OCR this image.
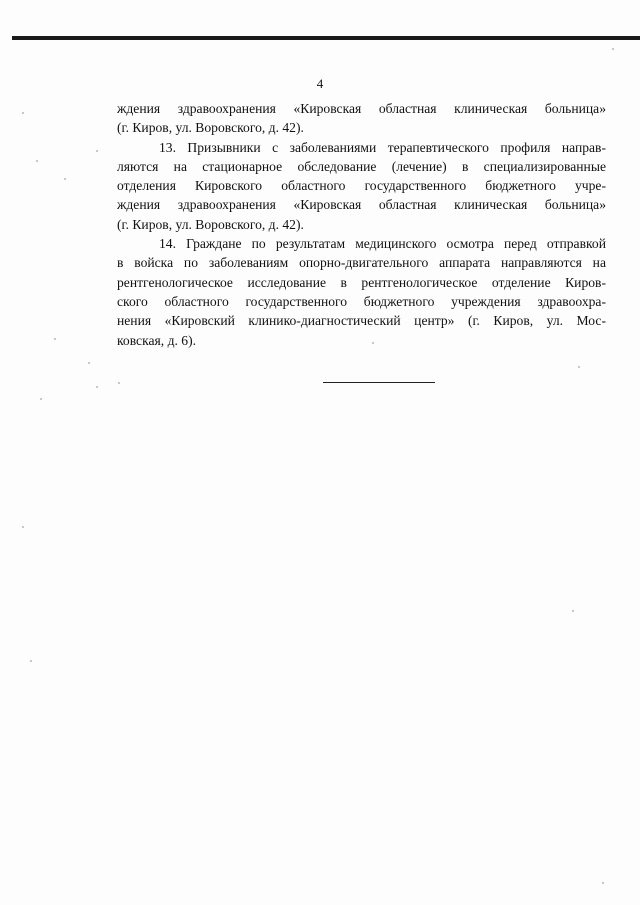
4
ждения здравоохранения «Кировская областная клиническая больница»
(г. Киров, ул. Воровского, д. 42).
13. Призывники с заболеваниями терапевтического профиля направ-
ляются на стационарное обследование (лечение) в специализированные
отделения Кировского областного государственного бюджетного учре-
ждения здравоохранения «Кировская областная клиническая больница»
(г. Киров, ул. Воровского, д. 42).
14. Граждане по результатам медицинского осмотра перед отправкой
в войска по заболеваниям опорно-двигательного аппарата направляются на
рентгенологическое исследование в рентгенологическое отделение Киров-
ского областного государственного бюджетного учреждения здравоохра-
нения «Кировский клинико-диагностический центр» (г. Киров, ул. Мос-
ковская, д. 6).
